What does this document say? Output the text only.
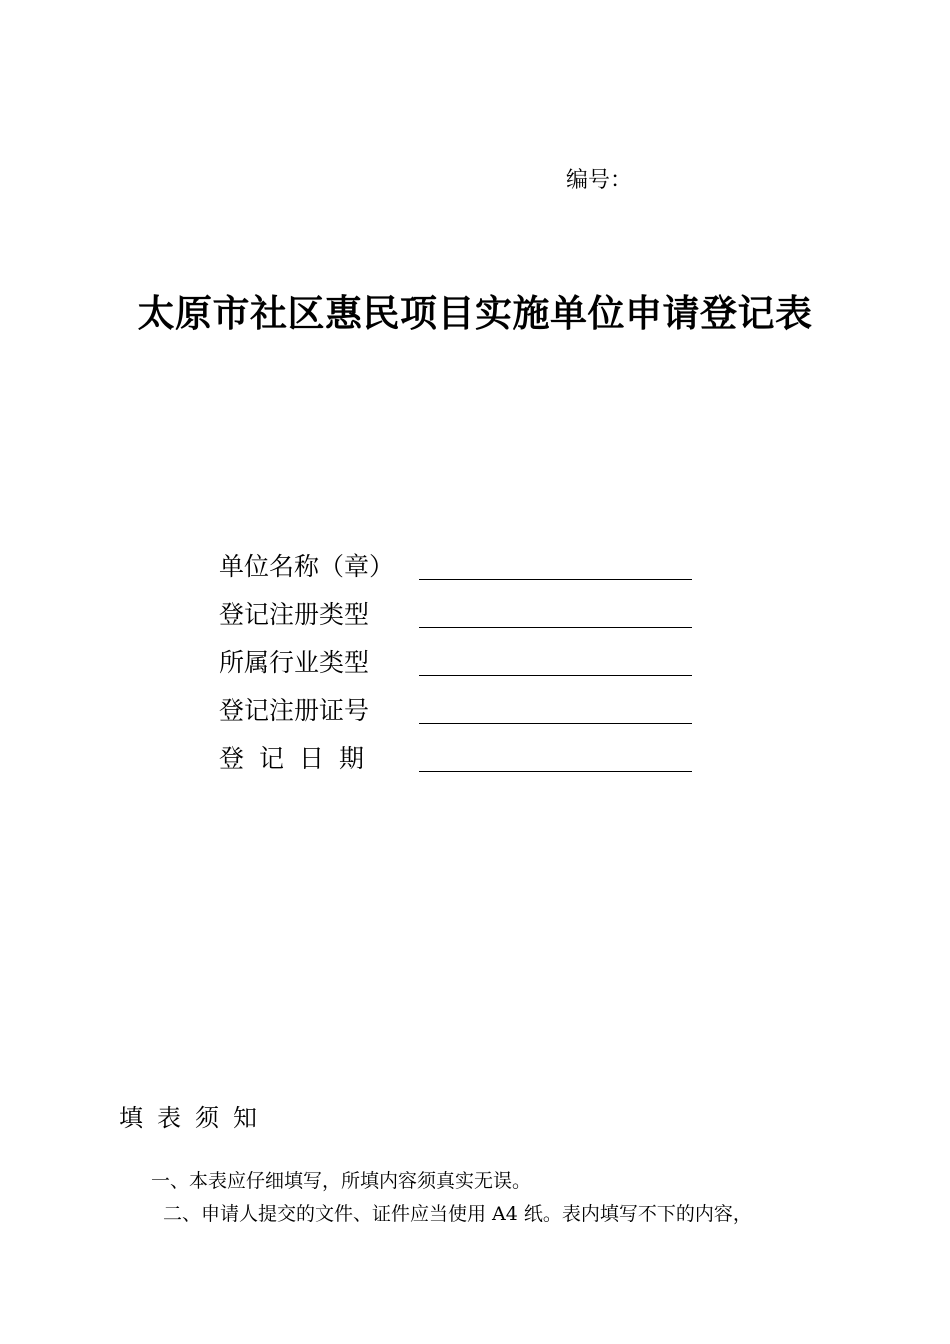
编号：
太原市社区惠民项目实施单位申请登记表
单位名称（章）
登记注册类型
所属行业类型
登记注册证号
登记日期
填表须知
一、本表应仔细填写，所填内容须真实无误。
二、申请人提交的文件、证件应当使用 A4 纸。表内填写不下的内容，
